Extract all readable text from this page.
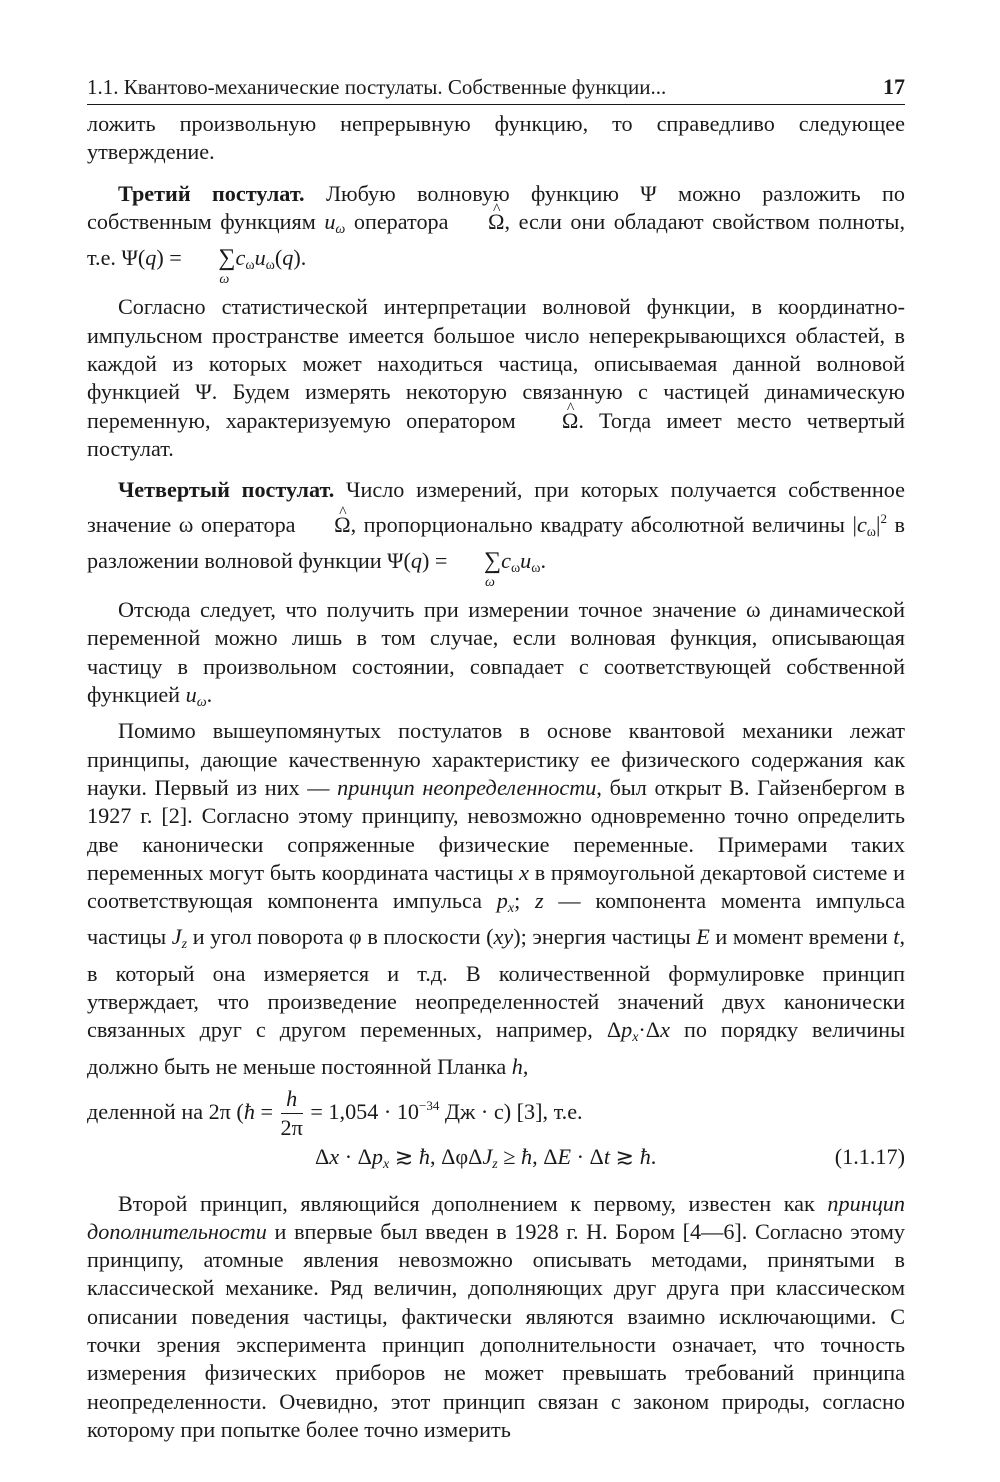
1.1. Квантово-механические постулаты. Собственные функции...	17

ложить произвольную непрерывную функцию, то справедливо следующее утверждение.

Третий постулат. Любую волновую функцию Ψ можно разложить по собственным функциям uω оператора ^ Ω, если они обладают свойством полноты, т.е. Ψ(q) = ∑
ω
cωuω(q).

Согласно статистической интерпретации волновой функции, в координатно-импульсном пространстве имеется большое число неперекрывающихся областей, в каждой из которых может находиться частица, описываемая данной волновой функцией Ψ. Будем измерять некоторую связанную с частицей динамическую переменную, характеризуемую оператором ^ Ω. Тогда имеет место четвертый постулат.

Четвертый постулат. Число измерений, при которых получается собственное значение ω оператора ^ Ω, пропорционально квадрату абсолютной величины $|c\omega|^2$ в разложении волновой функции Ψ(q) = ∑
ω
cωuω.

Отсюда следует, что получить при измерении точное значение ω динамической переменной можно лишь в том случае, если волновая функция, описывающая частицу в произвольном состоянии, совпадает с соответствующей собственной функцией uω.

Помимо вышеупомянутых постулатов в основе квантовой механики лежат принципы, дающие качественную характеристику ее физического содержания как науки. Первый из них — принцип неопределенности, был открыт В. Гайзенбергом в 1927 г. [2]. Согласно этому принципу, невозможно одновременно точно определить две канонически сопряженные физические переменные. Примерами таких переменных могут быть координата частицы x в прямоугольной декартовой системе и соответствующая компонента импульса px; z — компонента момента импульса частицы Jz и угол поворота φ в плоскости (xy); энергия частицы E и момент времени t, в который она измеряется и т.д. В количественной формулировке принцип утверждает, что произведение неопределенностей значений двух канонически связанных друг с другом переменных, например, Δpx·Δx по порядку величины должно быть не меньше постоянной Планка h,

деленной на 2π (ħ = $\frac{h}{2\pi} = 1,054 \cdot 10^{-34}$ Дж · с) [3], т.е.

Δx · Δpx ≳ ħ, ΔφΔJz ≥ ħ, ΔE · Δt ≳ ħ.	(1.1.17)

Второй принцип, являющийся дополнением к первому, известен как принцип дополнительности и впервые был введен в 1928 г. Н. Бором [4—6]. Согласно этому принципу, атомные явления невозможно описывать методами, принятыми в классической механике. Ряд величин, дополняющих друг друга при классическом описании поведения частицы, фактически являются взаимно исключающими. С точки зрения эксперимента принцип дополнительности означает, что точность измерения физических приборов не может превышать требований принципа неопределенности. Очевидно, этот принцип связан с законом природы, согласно которому при попытке более точно измерить
